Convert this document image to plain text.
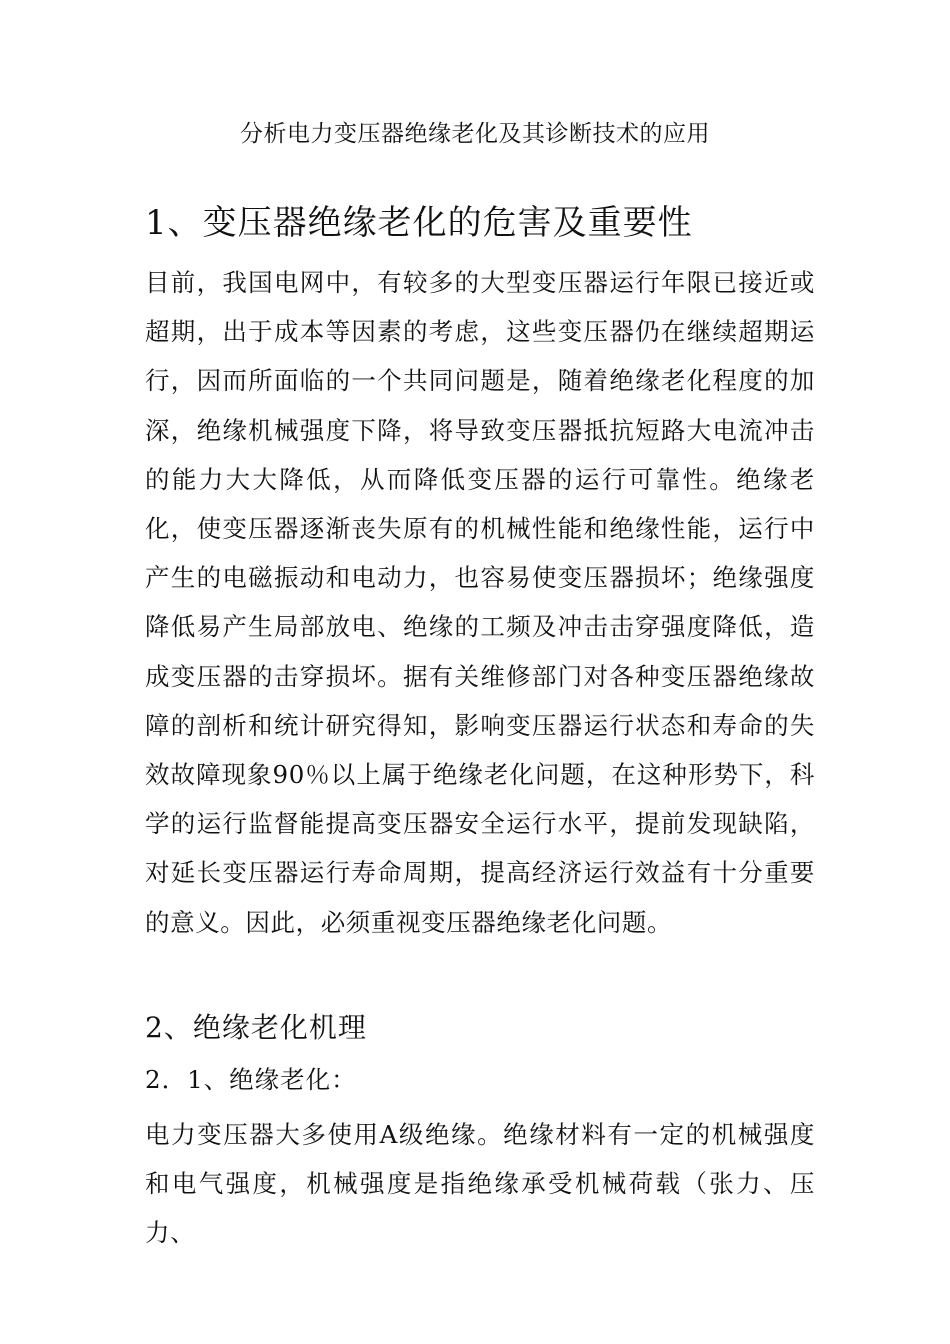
分析电力变压器绝缘老化及其诊断技术的应用
1、变压器绝缘老化的危害及重要性

目前，我国电网中，有较多的大型变压器运行年限已接近或超期，出于成本等因素的考虑，这些变压器仍在继续超期运行，因而所面临的一个共同问题是，随着绝缘老化程度的加深，绝缘机械强度下降，将导致变压器抵抗短路大电流冲击的能力大大降低，从而降低变压器的运行可靠性。绝缘老化，使变压器逐渐丧失原有的机械性能和绝缘性能，运行中产生的电磁振动和电动力，也容易使变压器损坏；绝缘强度降低易产生局部放电、绝缘的工频及冲击击穿强度降低，造成变压器的击穿损坏。据有关维修部门对各种变压器绝缘故障的剖析和统计研究得知，影响变压器运行状态和寿命的失效故障现象90％以上属于绝缘老化问题，在这种形势下，科学的运行监督能提高变压器安全运行水平，提前发现缺陷，对延长变压器运行寿命周期，提高经济运行效益有十分重要的意义。因此，必须重视变压器绝缘老化问题。

2、绝缘老化机理
2．1、绝缘老化：

电力变压器大多使用A级绝缘。绝缘材料有一定的机械强度和电气强度，机械强度是指绝缘承受机械荷载（张力、压力、
